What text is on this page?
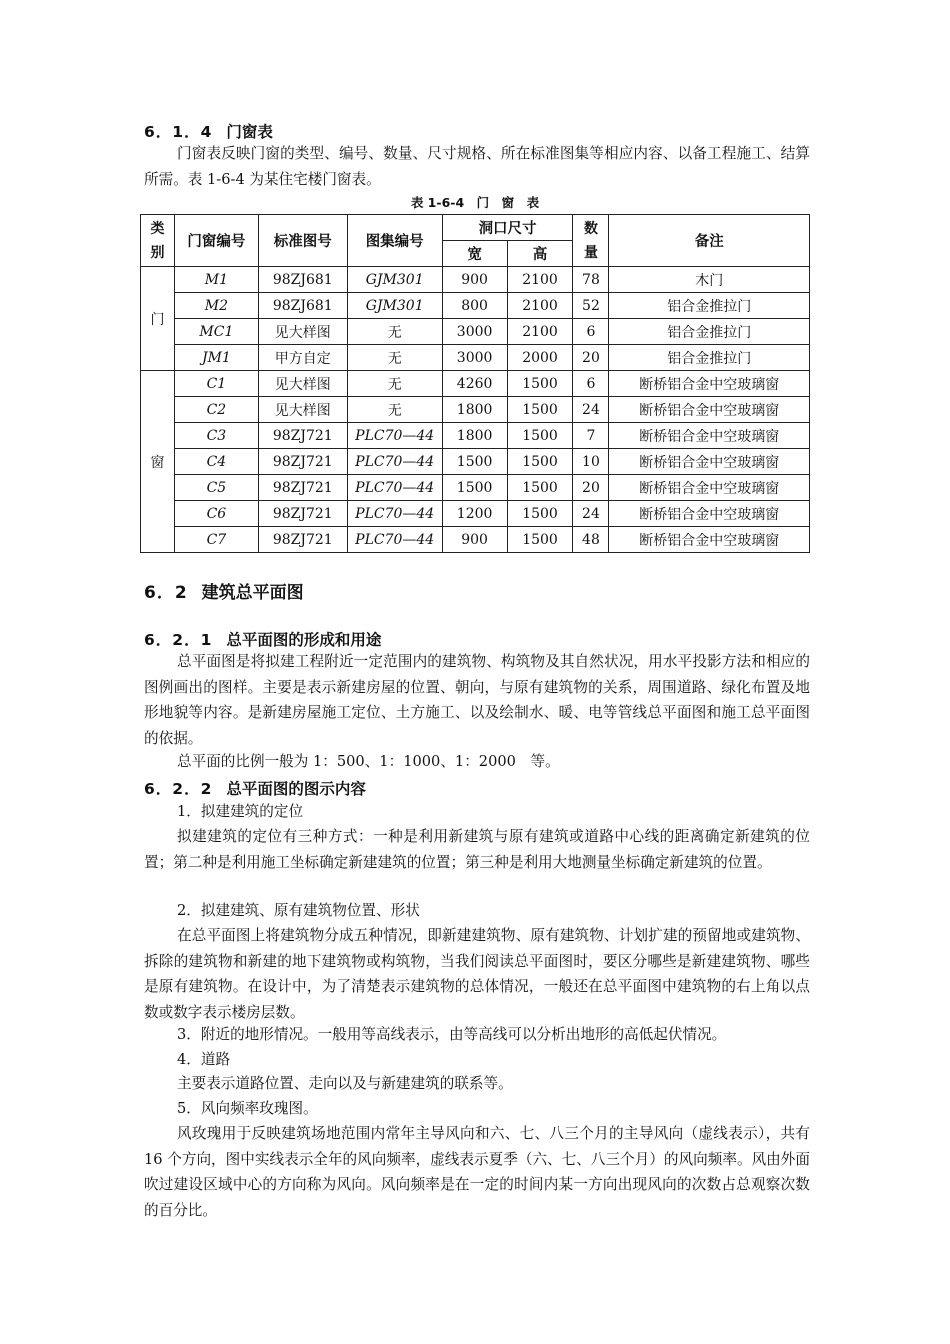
6．1．4 门窗表
门窗表反映门窗的类型、编号、数量、尺寸规格、所在标准图集等相应内容、以备工程施工、结算所需。表 1-6-4 为某住宅楼门窗表。
表 1-6-4　门　窗　表
类别	门窗编号	标准图号	图集编号	洞口尺寸		数量	备注
				宽	高		
门	M1	98ZJ681	GJM301	900	2100	78	木门
	M2	98ZJ681	GJM301	800	2100	52	铝合金推拉门
	MC1	见大样图	无	3000	2100	6	铝合金推拉门
	JM1	甲方自定	无	3000	2000	20	铝合金推拉门
窗	C1	见大样图	无	4260	1500	6	断桥铝合金中空玻璃窗
	C2	见大样图	无	1800	1500	24	断桥铝合金中空玻璃窗
	C3	98ZJ721	PLC70—44	1800	1500	7	断桥铝合金中空玻璃窗
	C4	98ZJ721	PLC70—44	1500	1500	10	断桥铝合金中空玻璃窗
	C5	98ZJ721	PLC70—44	1500	1500	20	断桥铝合金中空玻璃窗
	C6	98ZJ721	PLC70—44	1200	1500	24	断桥铝合金中空玻璃窗
	C7	98ZJ721	PLC70—44	900	1500	48	断桥铝合金中空玻璃窗
6．2 建筑总平面图
6．2．1 总平面图的形成和用途
总平面图是将拟建工程附近一定范围内的建筑物、构筑物及其自然状况，用水平投影方法和相应的图例画出的图样。主要是表示新建房屋的位置、朝向，与原有建筑物的关系，周围道路、绿化布置及地形地貌等内容。是新建房屋施工定位、土方施工、以及绘制水、暖、电等管线总平面图和施工总平面图的依据。
总平面的比例一般为 1：500、1：1000、1：2000　等。
6．2．2 总平面图的图示内容
1．拟建建筑的定位
拟建建筑的定位有三种方式：一种是利用新建筑与原有建筑或道路中心线的距离确定新建筑的位置；第二种是利用施工坐标确定新建建筑的位置；第三种是利用大地测量坐标确定新建筑的位置。
2．拟建建筑、原有建筑物位置、形状
在总平面图上将建筑物分成五种情况，即新建建筑物、原有建筑物、计划扩建的预留地或建筑物、拆除的建筑物和新建的地下建筑物或构筑物，当我们阅读总平面图时，要区分哪些是新建建筑物、哪些是原有建筑物。在设计中，为了清楚表示建筑物的总体情况，一般还在总平面图中建筑物的右上角以点数或数字表示楼房层数。
3．附近的地形情况。一般用等高线表示，由等高线可以分析出地形的高低起伏情况。
4．道路
主要表示道路位置、走向以及与新建建筑的联系等。
5．风向频率玫瑰图。
风玫瑰用于反映建筑场地范围内常年主导风向和六、七、八三个月的主导风向（虚线表示），共有 16 个方向，图中实线表示全年的风向频率，虚线表示夏季（六、七、八三个月）的风向频率。风由外面吹过建设区域中心的方向称为风向。风向频率是在一定的时间内某一方向出现风向的次数占总观察次数的百分比。
